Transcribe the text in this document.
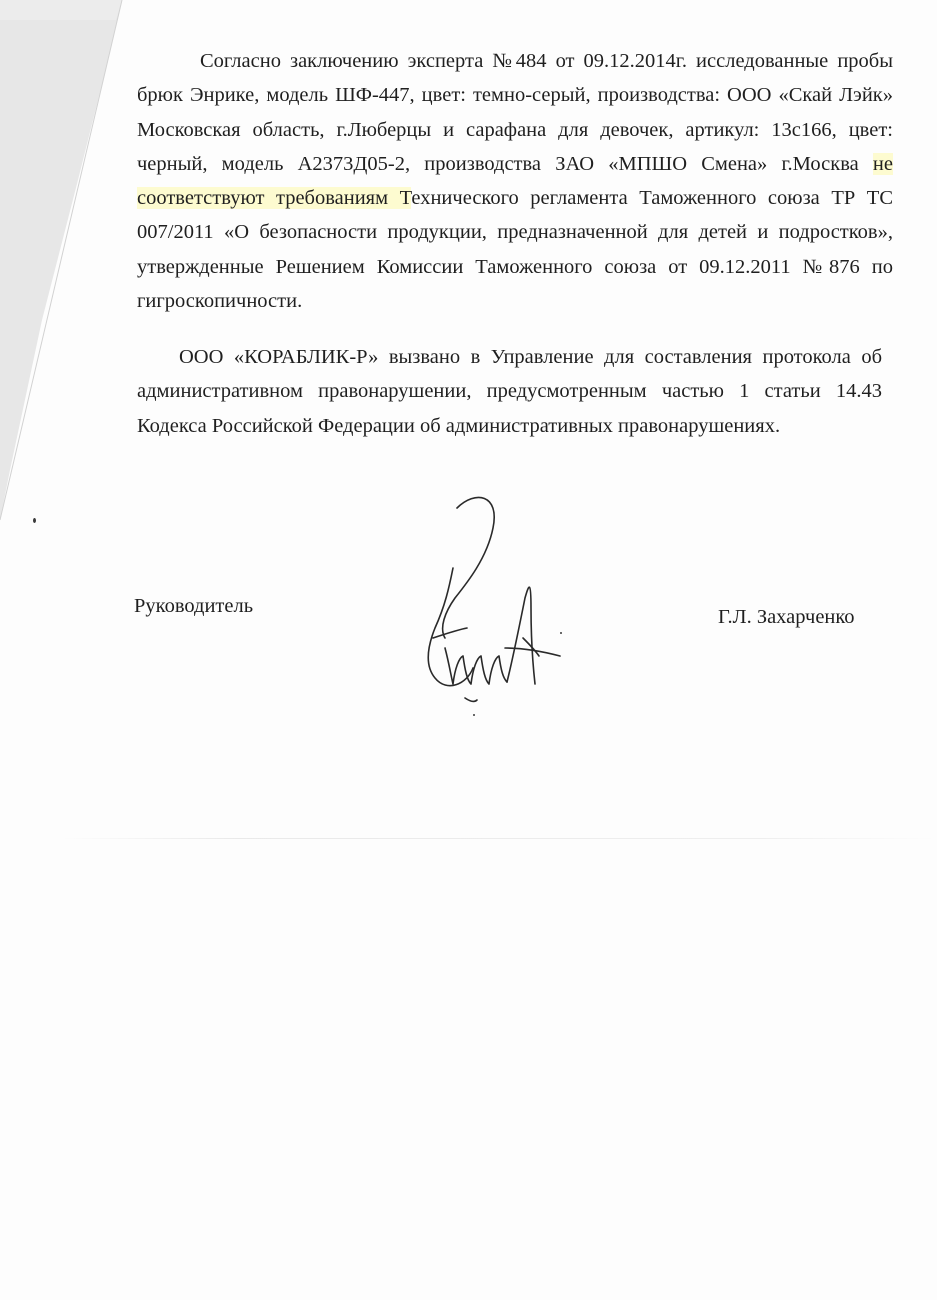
Согласно заключению эксперта №484 от 09.12.2014г. исследованные пробы брюк Энрике, модель ШФ-447, цвет: темно-серый, производства: ООО «Скай Лэйк» Московская область, г.Люберцы и сарафана для девочек, артикул: 13с166, цвет: черный, модель А2373Д05-2, производства ЗАО «МПШО Смена» г.Москва не соответствуют требованиям Технического регламента Таможенного союза ТР ТС 007/2011 «О безопасности продукции, предназначенной для детей и подростков», утвержденные Решением Комиссии Таможенного союза от 09.12.2011 №876 по гигроскопичности.

ООО «КОРАБЛИК-Р» вызвано в Управление для составления протокола об административном правонарушении, предусмотренным частью 1 статьи 14.43 Кодекса Российской Федерации об административных правонарушениях.

Руководитель	Г.Л. Захарченко
